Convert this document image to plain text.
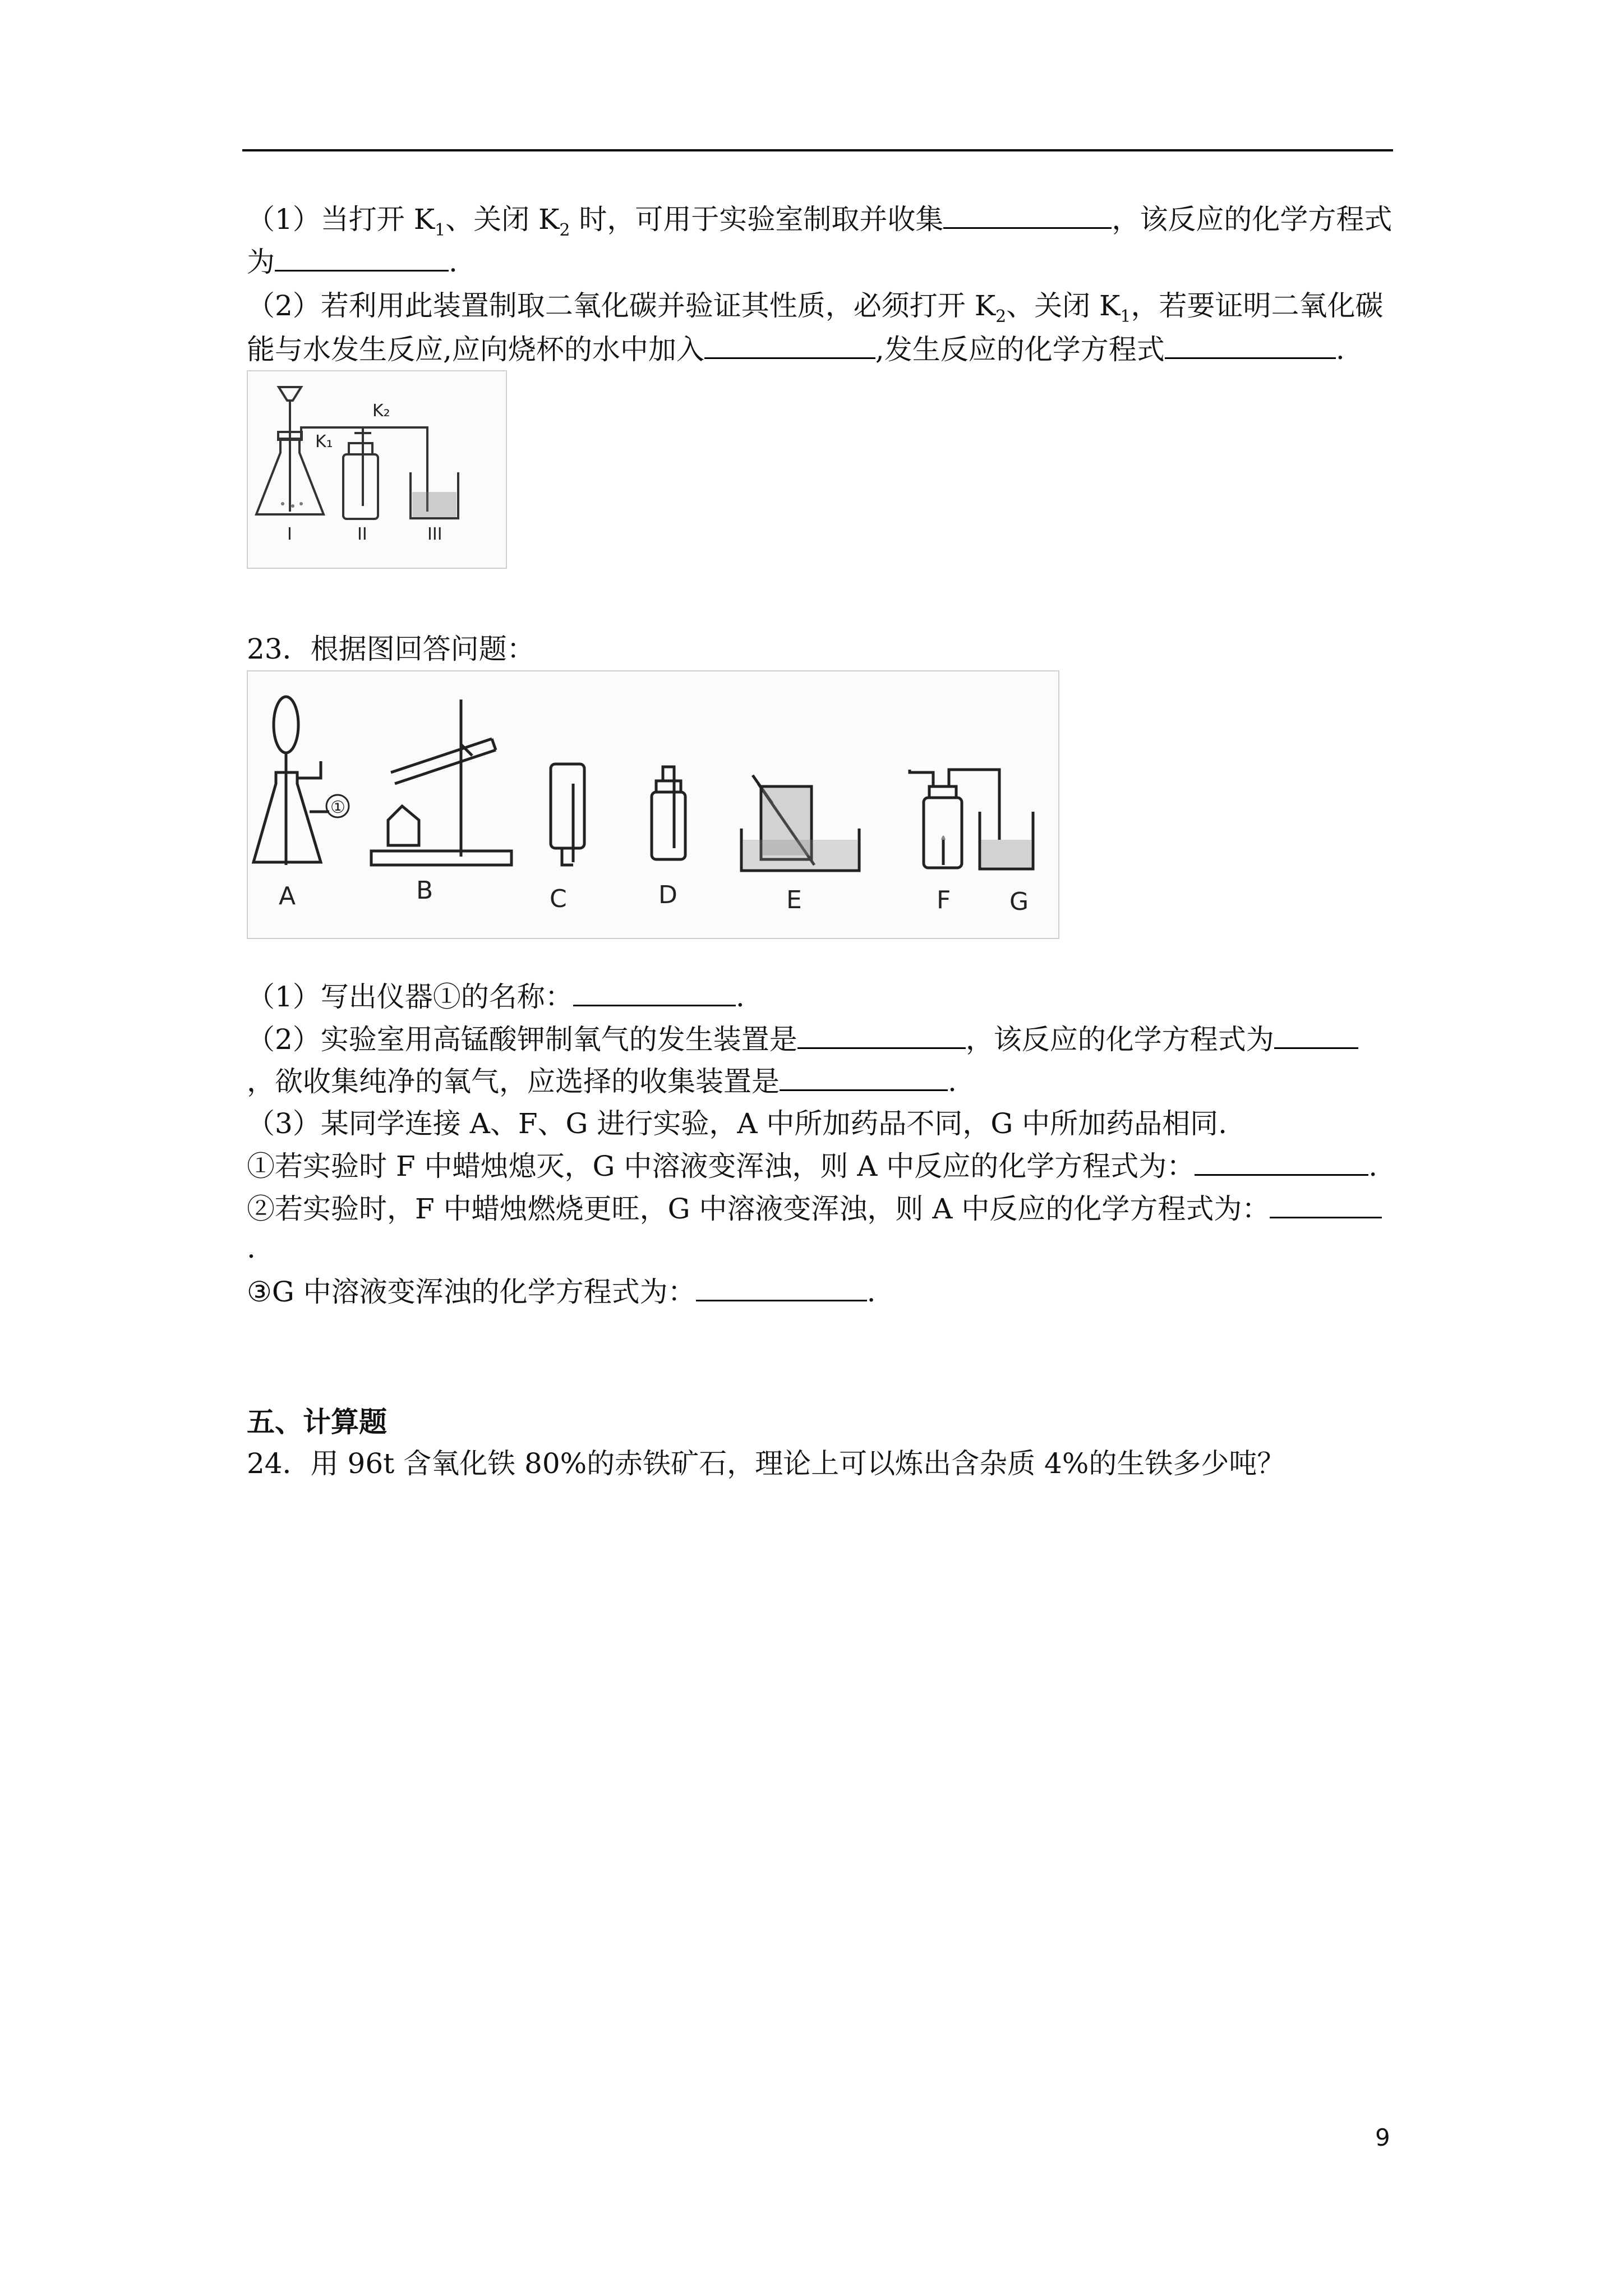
（1）当打开 $K_1$、关闭 $K_2$ 时，可用于实验室制取并收集	，该反应的化学方程式
为	.
（2）若利用此装置制取二氧化碳并验证其性质，必须打开 $K_2$、关闭 $K_1$，若要证明二氧化碳
能与水发生反应,应向烧杯的水中加入	,发生反应的化学方程式	.
K₂
K₁
I	II	III
23．根据图回答问题：
①
A	B	C	D	E	F G
（1）写出仪器①的名称：	.
（2）实验室用高锰酸钾制氧气的发生装置是	，该反应的化学方程式为
，欲收集纯净的氧气，应选择的收集装置是	.
（3）某同学连接 A、F、G 进行实验，A 中所加药品不同，G 中所加药品相同.
①若实验时 F 中蜡烛熄灭，G 中溶液变浑浊，则 A 中反应的化学方程式为：	.
②若实验时，F 中蜡烛燃烧更旺，G 中溶液变浑浊，则 A 中反应的化学方程式为：
.
③G 中溶液变浑浊的化学方程式为：	.
五、计算题
24．用 96t 含氧化铁 80%的赤铁矿石，理论上可以炼出含杂质 4%的生铁多少吨？
9
